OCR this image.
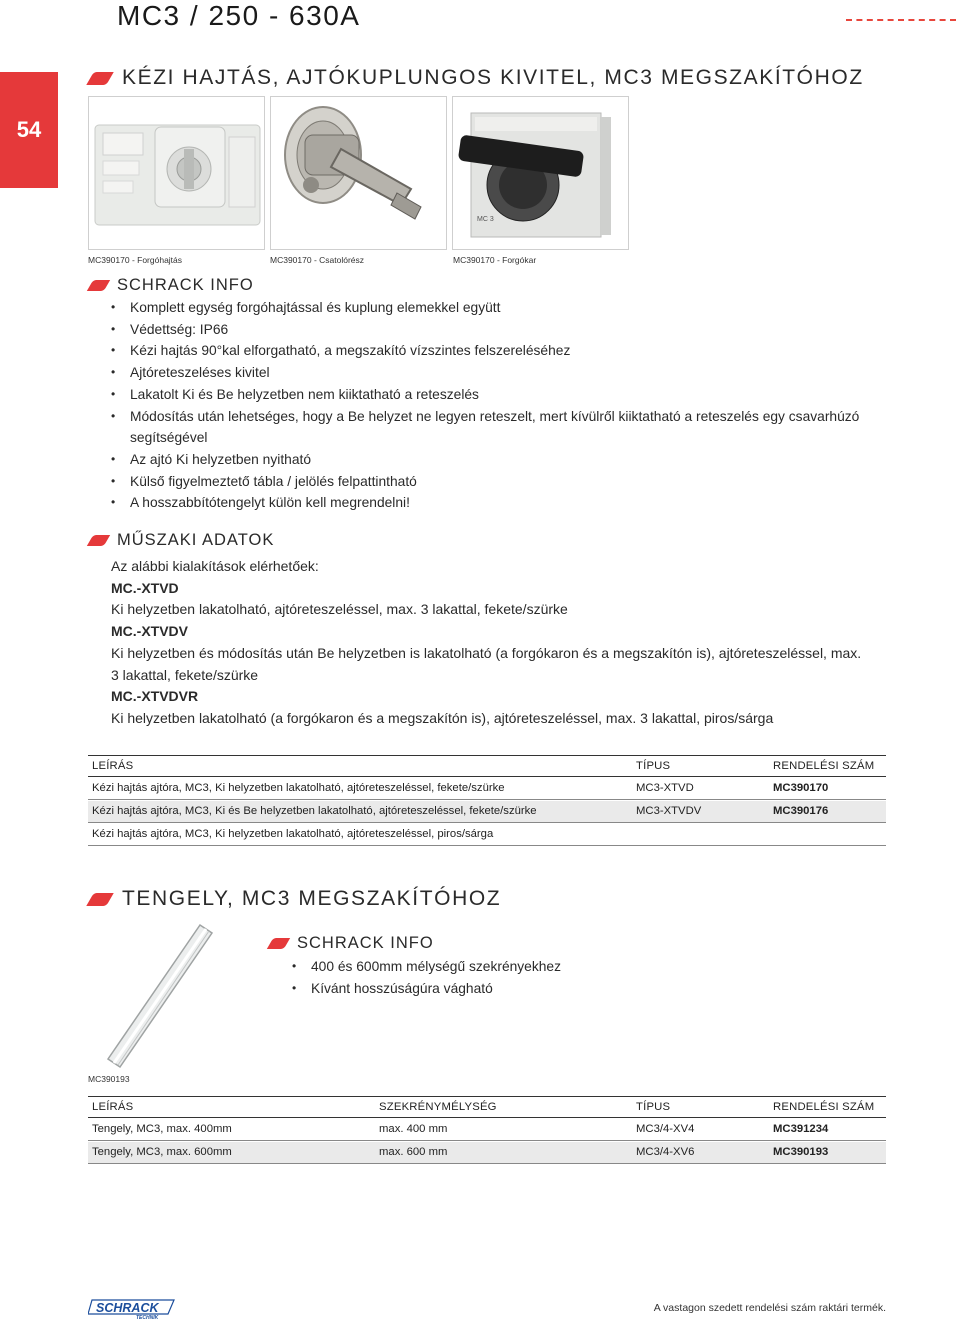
MC3 / 250 - 630A
54
KÉZI HAJTÁS, AJTÓKUPLUNGOS KIVITEL, MC3 MEGSZAKÍTÓHOZ
MC 3
MC390170 - Forgóhajtás	MC390170 - Csatolórész	MC390170 - Forgókar
SCHRACK INFO
• Komplett egység forgóhajtással és kuplung elemekkel együtt
• Védettség: IP66
• Kézi hajtás 90°kal elforgatható, a megszakító vízszintes felszereléséhez
• Ajtóreteszeléses kivitel
• Lakatolt Ki és Be helyzetben nem kiiktatható a reteszelés
• Módosítás után lehetséges, hogy a Be helyzet ne legyen reteszelt, mert kívülről kiiktatható a reteszelés egy csavarhúzó segítségével
• Az ajtó Ki helyzetben nyitható
• Külső figyelmeztető tábla / jelölés felpattintható
• A hosszabbítótengelyt külön kell megrendelni!
MŰSZAKI ADATOK
Az alábbi kialakítások elérhetőek:
MC.-XTVD
Ki helyzetben lakatolható, ajtóreteszeléssel, max. 3 lakattal, fekete/szürke
MC.-XTVDV
Ki helyzetben és módosítás után Be helyzetben is lakatolható (a forgókaron és a megszakítón is), ajtóreteszeléssel, max. 3 lakattal, fekete/szürke
MC.-XTVDVR
Ki helyzetben lakatolható (a forgókaron és a megszakítón is), ajtóreteszeléssel, max. 3 lakattal, piros/sárga
LEÍRÁS	TÍPUS	RENDELÉSI SZÁM
Kézi hajtás ajtóra, MC3, Ki helyzetben lakatolható, ajtóreteszeléssel, fekete/szürke	MC3-XTVD	MC390170
Kézi hajtás ajtóra, MC3, Ki és Be helyzetben lakatolható, ajtóreteszeléssel, fekete/szürke	MC3-XTVDV	MC390176
Kézi hajtás ajtóra, MC3, Ki helyzetben lakatolható, ajtóreteszeléssel, piros/sárga
TENGELY, MC3 MEGSZAKÍTÓHOZ
MC390193
SCHRACK INFO
• 400 és 600mm mélységű szekrényekhez
• Kívánt hosszúságúra vágható
LEÍRÁS	SZEKRÉNYMÉLYSÉG	TÍPUS	RENDELÉSI SZÁM
Tengely, MC3, max. 400mm	max. 400 mm	MC3/4-XV4	MC391234
Tengely, MC3, max. 600mm	max. 600 mm	MC3/4-XV6	MC390193
SCHRACK
TECHNIK
A vastagon szedett rendelési szám raktári termék.
